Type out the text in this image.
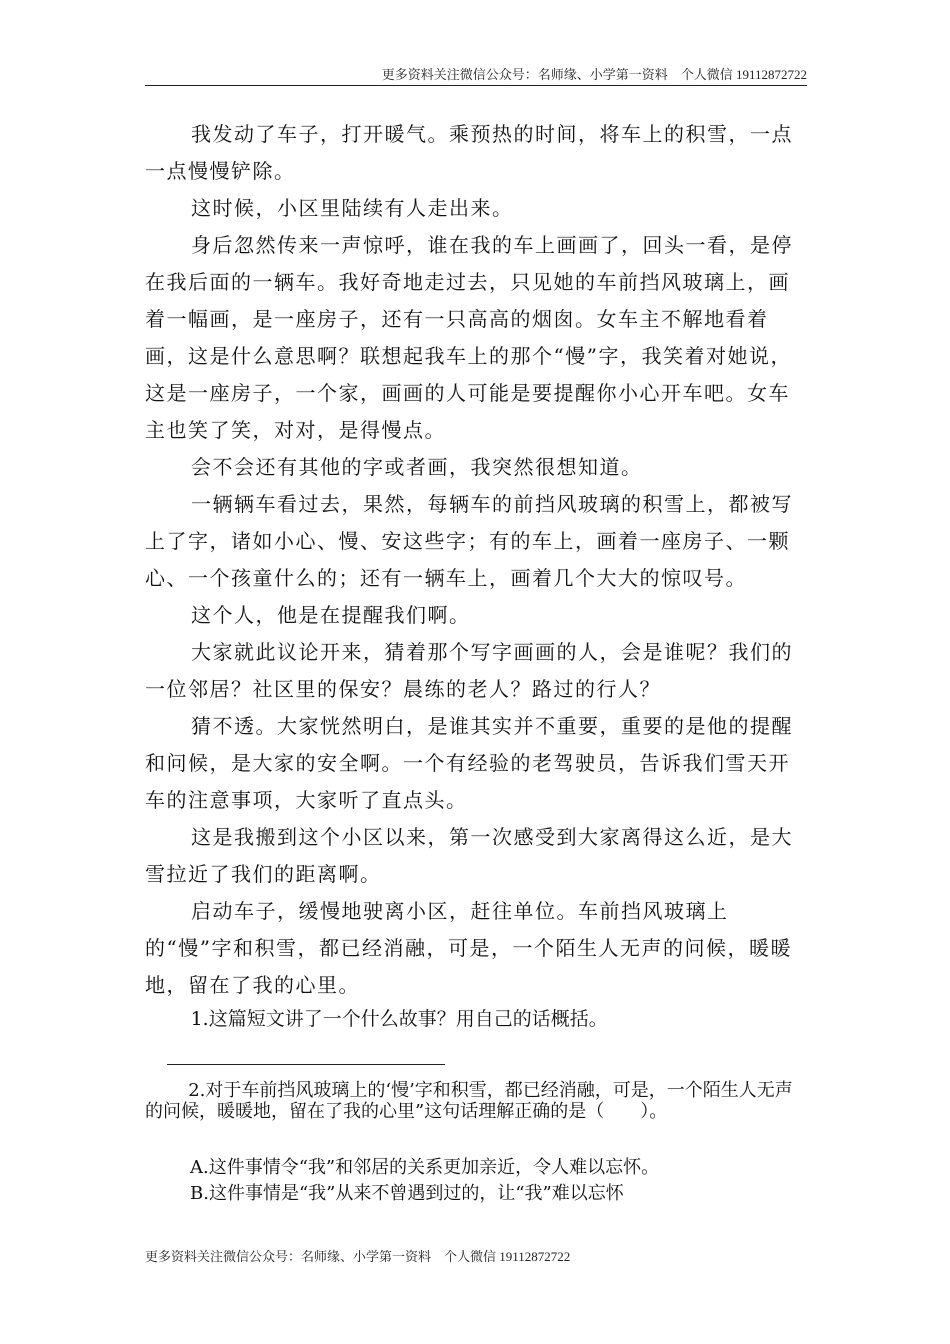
更多资料关注微信公众号：名师缘、小学第一资料　个人微信 19112872722

我发动了车子，打开暖气。乘预热的时间，将车上的积雪，一点一点慢慢铲除。

这时候，小区里陆续有人走出来。

身后忽然传来一声惊呼，谁在我的车上画画了，回头一看，是停在我后面的一辆车。我好奇地走过去，只见她的车前挡风玻璃上，画着一幅画，是一座房子，还有一只高高的烟囱。女车主不解地看着画，这是什么意思啊？联想起我车上的那个“慢”字，我笑着对她说，这是一座房子，一个家，画画的人可能是要提醒你小心开车吧。女车主也笑了笑，对对，是得慢点。

会不会还有其他的字或者画，我突然很想知道。

一辆辆车看过去，果然，每辆车的前挡风玻璃的积雪上，都被写上了字，诸如小心、慢、安这些字；有的车上，画着一座房子、一颗心、一个孩童什么的；还有一辆车上，画着几个大大的惊叹号。

这个人，他是在提醒我们啊。

大家就此议论开来，猜着那个写字画画的人，会是谁呢？我们的一位邻居？社区里的保安？晨练的老人？路过的行人？

猜不透。大家恍然明白，是谁其实并不重要，重要的是他的提醒和问候，是大家的安全啊。一个有经验的老驾驶员，告诉我们雪天开车的注意事项，大家听了直点头。

这是我搬到这个小区以来，第一次感受到大家离得这么近，是大雪拉近了我们的距离啊。

启动车子，缓慢地驶离小区，赶往单位。车前挡风玻璃上的“慢”字和积雪，都已经消融，可是，一个陌生人无声的问候，暖暖地，留在了我的心里。

1.这篇短文讲了一个什么故事？用自己的话概括。

2.对于车前挡风玻璃上的‘慢’字和积雪，都已经消融，可是，一个陌生人无声的问候，暖暖地，留在了我的心里”这句话理解正确的是（　　）。

A.这件事情令“我”和邻居的关系更加亲近，令人难以忘怀。
B.这件事情是“我”从来不曾遇到过的，让“我”难以忘怀
更多资料关注微信公众号：名师缘、小学第一资料　个人微信 19112872722
